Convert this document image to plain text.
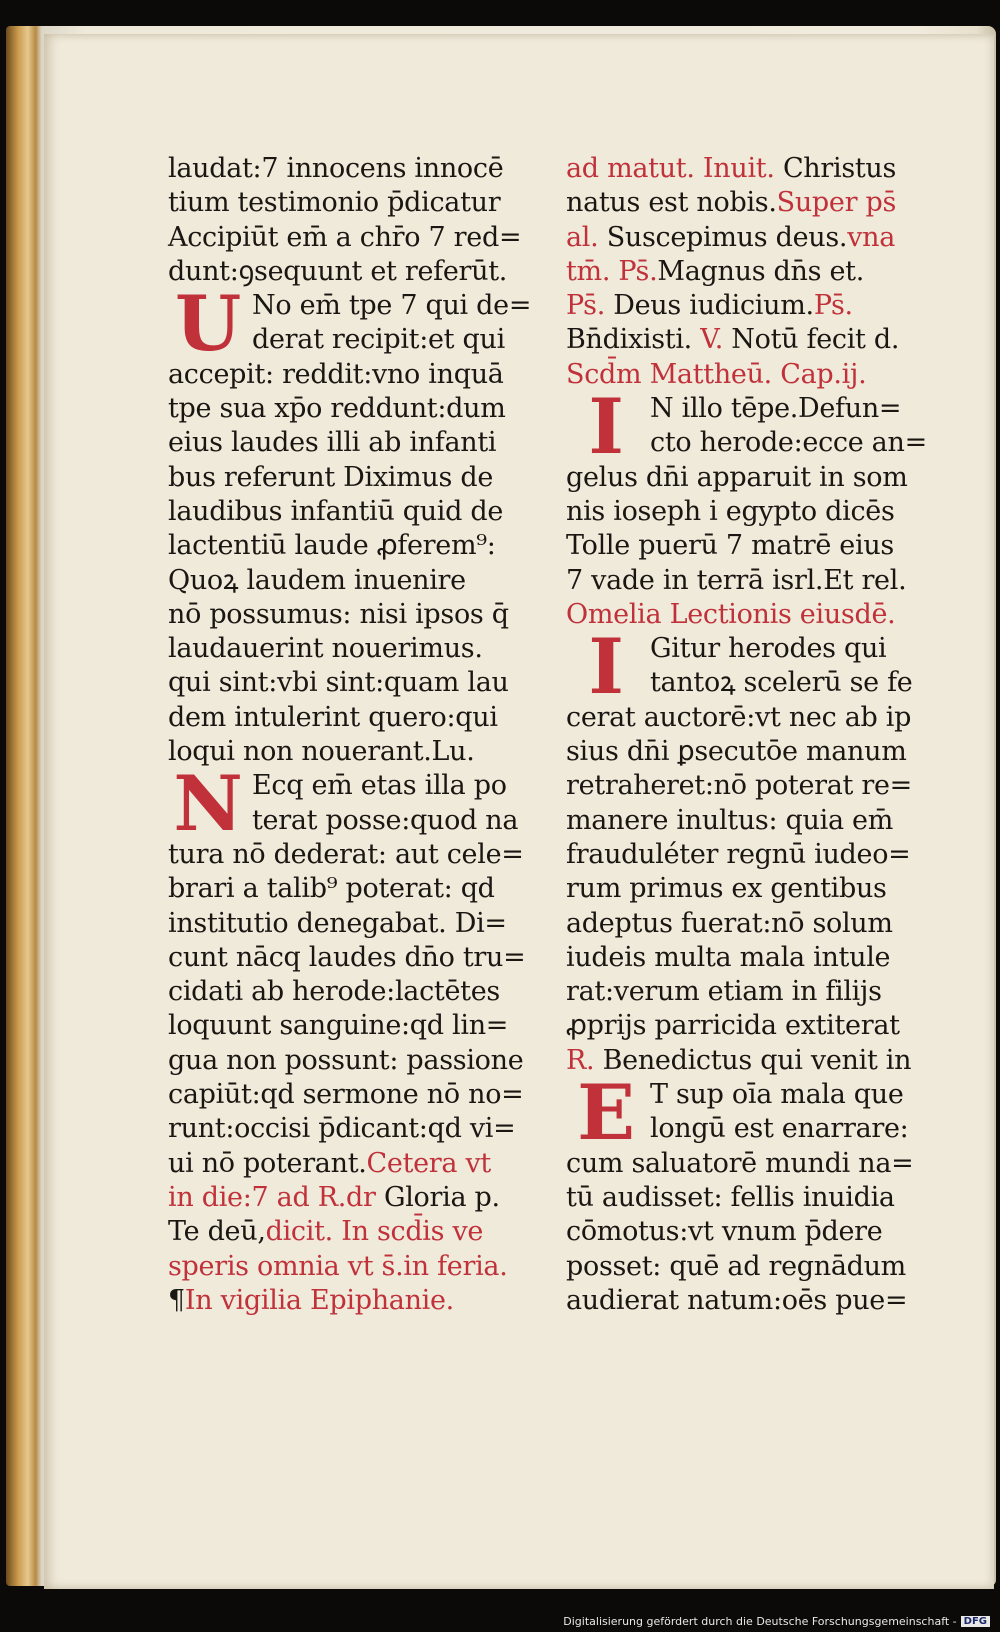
laudat:7 innocens innocē
tium testimonio p̄dicatur
Accipiūt em̄ a chr̄o 7 red=
dunt:ꝯsequunt et referūt.
U No em̄ tpe 7 qui de=
derat recipit:et qui
accepit: reddit:vno inquā
tpe sua xp̄o reddunt:dum
eius laudes illi ab infanti
bus referunt Diximus de
laudibus infantiū quid de
lactentiū laude ꝓferem⁹:
Quoꝝ laudem inuenire
nō possumus: nisi ipsos q̄
laudauerint nouerimus.
qui sint:vbi sint:quam lau
dem intulerint quero:qui
loqui non nouerant.Lu.
N Ecq em̄ etas illa po
terat posse:quod na
tura nō dederat: aut cele=
brari a talib⁹ poterat: qd
institutio denegabat. Di=
cunt nācq laudes dn̄o tru=
cidati ab herode:lactētes
loquunt sanguine:qd lin=
gua non possunt: passione
capiūt:qd sermone nō no=
runt:occisi p̄dicant:qd vi=
ui nō poterant.Cetera vt
in die:7 ad R.dr Gloria p.
Te deū,dicit. In scd̄is ve
speris omnia vt s̄.in feria.
¶In vigilia Epiphanie.
ad matut. Inuit. Christus
natus est nobis.Super ps̄
al. Suscepimus deus.vna
tm̄. Ps̄.Magnus dn̄s et.
Ps̄. Deus iudicium.Ps̄.
Bn̄dixisti. V. Notū fecit d.
Scd̄m Mattheū. Cap.ij.
I N illo tēpe.Defun=
cto herode:ecce an=
gelus dn̄i apparuit in som
nis ioseph i egypto dicēs
Tolle puerū 7 matrē eius
7 vade in terrā isrl.Et rel.
Omelia Lectionis eiusdē.
I Gitur herodes qui
tantoꝝ scelerū se fe
cerat auctorē:vt nec ab ip
sius dn̄i ꝑsecutōe manum
retraheret:nō poterat re=
manere inultus: quia em̄
frauduléter regnū iudeo=
rum primus ex gentibus
adeptus fuerat:nō solum
iudeis multa mala intule
rat:verum etiam in filijs
ꝓprijs parricida extiterat
R. Benedictus qui venit in
E T sup oīa mala que
longū est enarrare:
cum saluatorē mundi na=
tū audisset: fellis inuidia
cōmotus:vt vnum p̄dere
posset: quē ad regnādum
audierat natum:oēs pue=
Digitalisierung gefördert durch die Deutsche Forschungsgemeinschaft - DFG
